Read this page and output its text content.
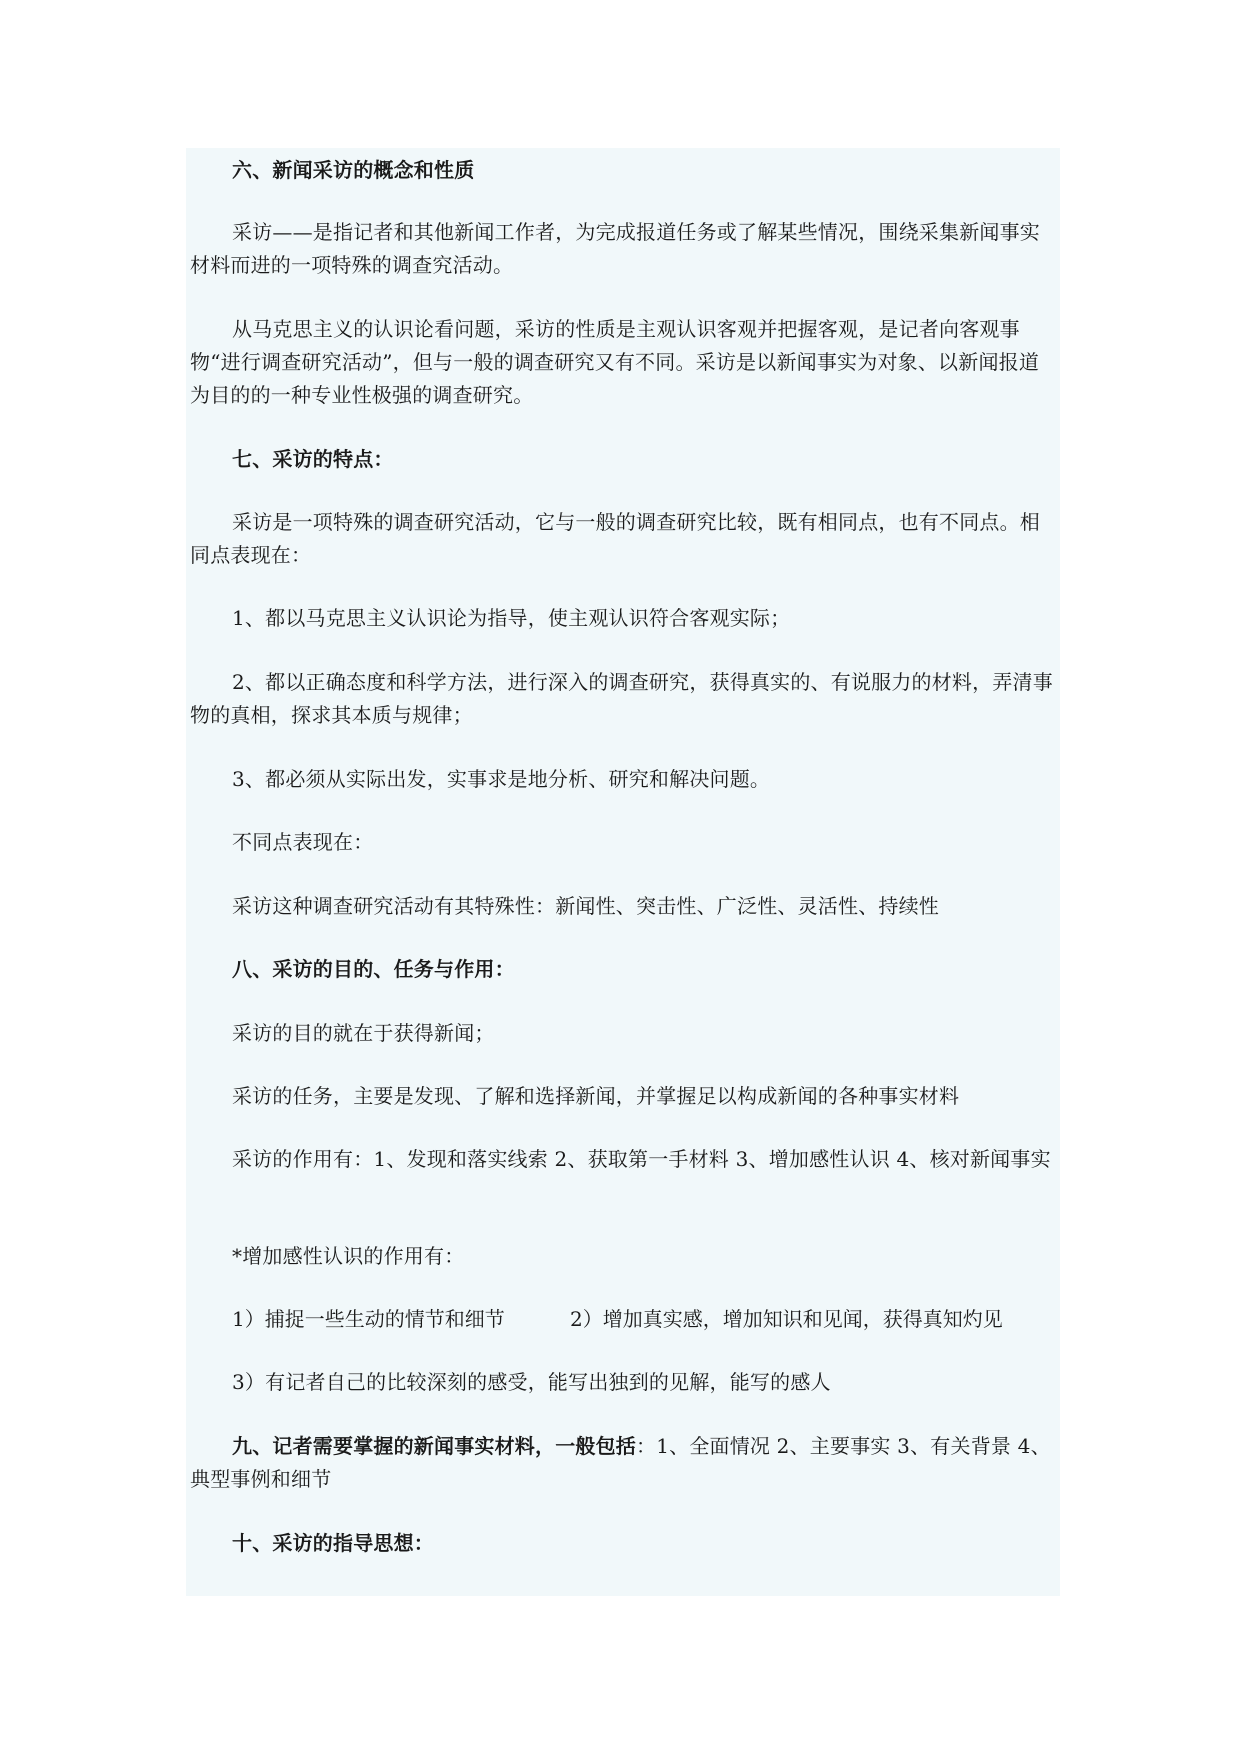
六、新闻采访的概念和性质

采访——是指记者和其他新闻工作者，为完成报道任务或了解某些情况，围绕采集新闻事实材料而进的一项特殊的调查究活动。

从马克思主义的认识论看问题，采访的性质是主观认识客观并把握客观，是记者向客观事物“进行调查研究活动”，但与一般的调查研究又有不同。采访是以新闻事实为对象、以新闻报道为目的的一种专业性极强的调查研究。

七、采访的特点：

采访是一项特殊的调查研究活动，它与一般的调查研究比较，既有相同点，也有不同点。相同点表现在：

1、都以马克思主义认识论为指导，使主观认识符合客观实际；

2、都以正确态度和科学方法，进行深入的调查研究，获得真实的、有说服力的材料，弄清事物的真相，探求其本质与规律；

3、都必须从实际出发，实事求是地分析、研究和解决问题。

不同点表现在：

采访这种调查研究活动有其特殊性：新闻性、突击性、广泛性、灵活性、持续性

八、采访的目的、任务与作用：

采访的目的就在于获得新闻；

采访的任务，主要是发现、了解和选择新闻，并掌握足以构成新闻的各种事实材料

采访的作用有：1、发现和落实线索 2、获取第一手材料 3、增加感性认识 4、核对新闻事实

*增加感性认识的作用有：

1）捕捉一些生动的情节和细节	2）增加真实感，增加知识和见闻，获得真知灼见

3）有记者自己的比较深刻的感受，能写出独到的见解，能写的感人

九、记者需要掌握的新闻事实材料，一般包括：1、全面情况 2、主要事实 3、有关背景 4、典型事例和细节

十、采访的指导思想：
